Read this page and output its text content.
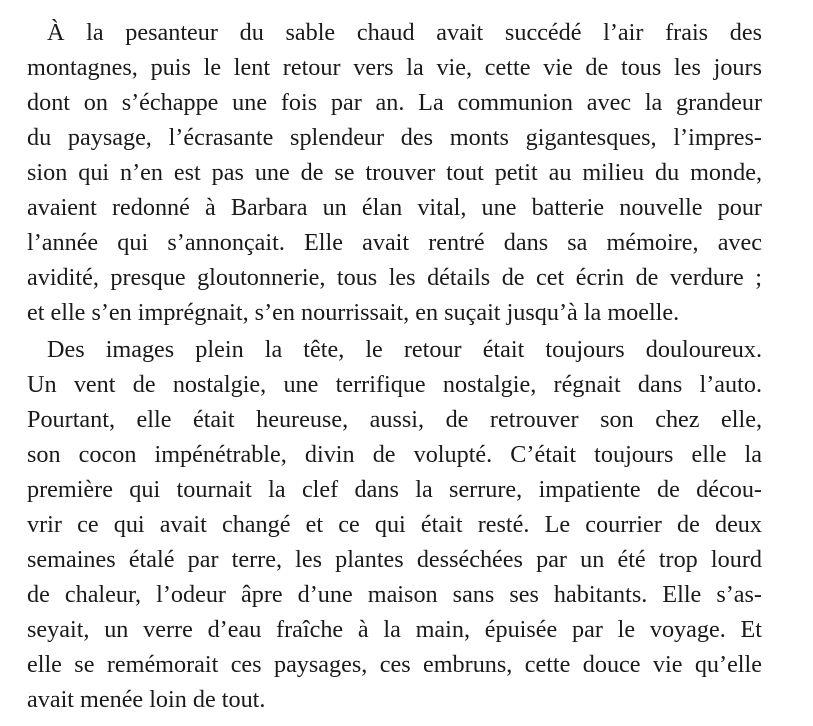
À la pesanteur du sable chaud avait succédé l’air frais des
montagnes, puis le lent retour vers la vie, cette vie de tous les jours
dont on s’échappe une fois par an. La communion avec la grandeur
du paysage, l’écrasante splendeur des monts gigantesques, l’impres-
sion qui n’en est pas une de se trouver tout petit au milieu du monde,
avaient redonné à Barbara un élan vital, une batterie nouvelle pour
l’année qui s’annonçait. Elle avait rentré dans sa mémoire, avec
avidité, presque gloutonnerie, tous les détails de cet écrin de verdure ;
et elle s’en imprégnait, s’en nourrissait, en suçait jusqu’à la moelle.
Des images plein la tête, le retour était toujours douloureux.
Un vent de nostalgie, une terrifique nostalgie, régnait dans l’auto.
Pourtant, elle était heureuse, aussi, de retrouver son chez elle,
son cocon impénétrable, divin de volupté. C’était toujours elle la
première qui tournait la clef dans la serrure, impatiente de décou-
vrir ce qui avait changé et ce qui était resté. Le courrier de deux
semaines étalé par terre, les plantes desséchées par un été trop lourd
de chaleur, l’odeur âpre d’une maison sans ses habitants. Elle s’as-
seyait, un verre d’eau fraîche à la main, épuisée par le voyage. Et
elle se remémorait ces paysages, ces embruns, cette douce vie qu’elle
avait menée loin de tout.
